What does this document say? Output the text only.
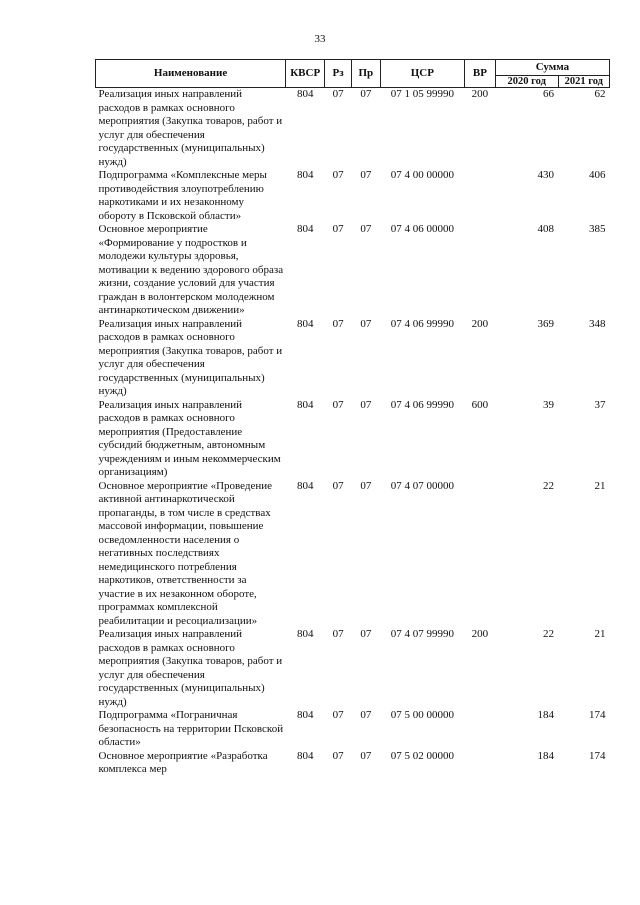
33
Наименование	КВСР	Рз	Пр	ЦСР	ВР	Сумма	
						2020 год	2021 год
Реализация иных направлений расходов в рамках основного мероприятия (Закупка товаров, работ и услуг для обеспечения государственных (муниципальных) нужд)	804	07	07	07 1 05 99990	200	66	62
Подпрограмма «Комплексные меры противодействия злоупотреблению наркотиками и их незаконному обороту в Псковской области»	804	07	07	07 4 00 00000		430	406
Основное мероприятие «Формирование у подростков и молодежи культуры здоровья, мотивации к ведению здорового образа жизни, создание условий для участия граждан в волонтерском молодежном антинаркотическом движении»	804	07	07	07 4 06 00000		408	385
Реализация иных направлений расходов в рамках основного мероприятия (Закупка товаров, работ и услуг для обеспечения государственных (муниципальных) нужд)	804	07	07	07 4 06 99990	200	369	348
Реализация иных направлений расходов в рамках основного мероприятия (Предоставление субсидий бюджетным, автономным учреждениям и иным некоммерческим организациям)	804	07	07	07 4 06 99990	600	39	37
Основное мероприятие «Проведение активной антинаркотической пропаганды, в том числе в средствах массовой информации, повышение осведомленности населения о негативных последствиях немедицинского потребления наркотиков, ответственности за участие в их незаконном обороте, программах комплексной реабилитации и ресоциализации»	804	07	07	07 4 07 00000		22	21
Реализация иных направлений расходов в рамках основного мероприятия (Закупка товаров, работ и услуг для обеспечения государственных (муниципальных) нужд)	804	07	07	07 4 07 99990	200	22	21
Подпрограмма «Пограничная безопасность на территории Псковской области»	804	07	07	07 5 00 00000		184	174
Основное мероприятие «Разработка комплекса мер	804	07	07	07 5 02 00000		184	174
